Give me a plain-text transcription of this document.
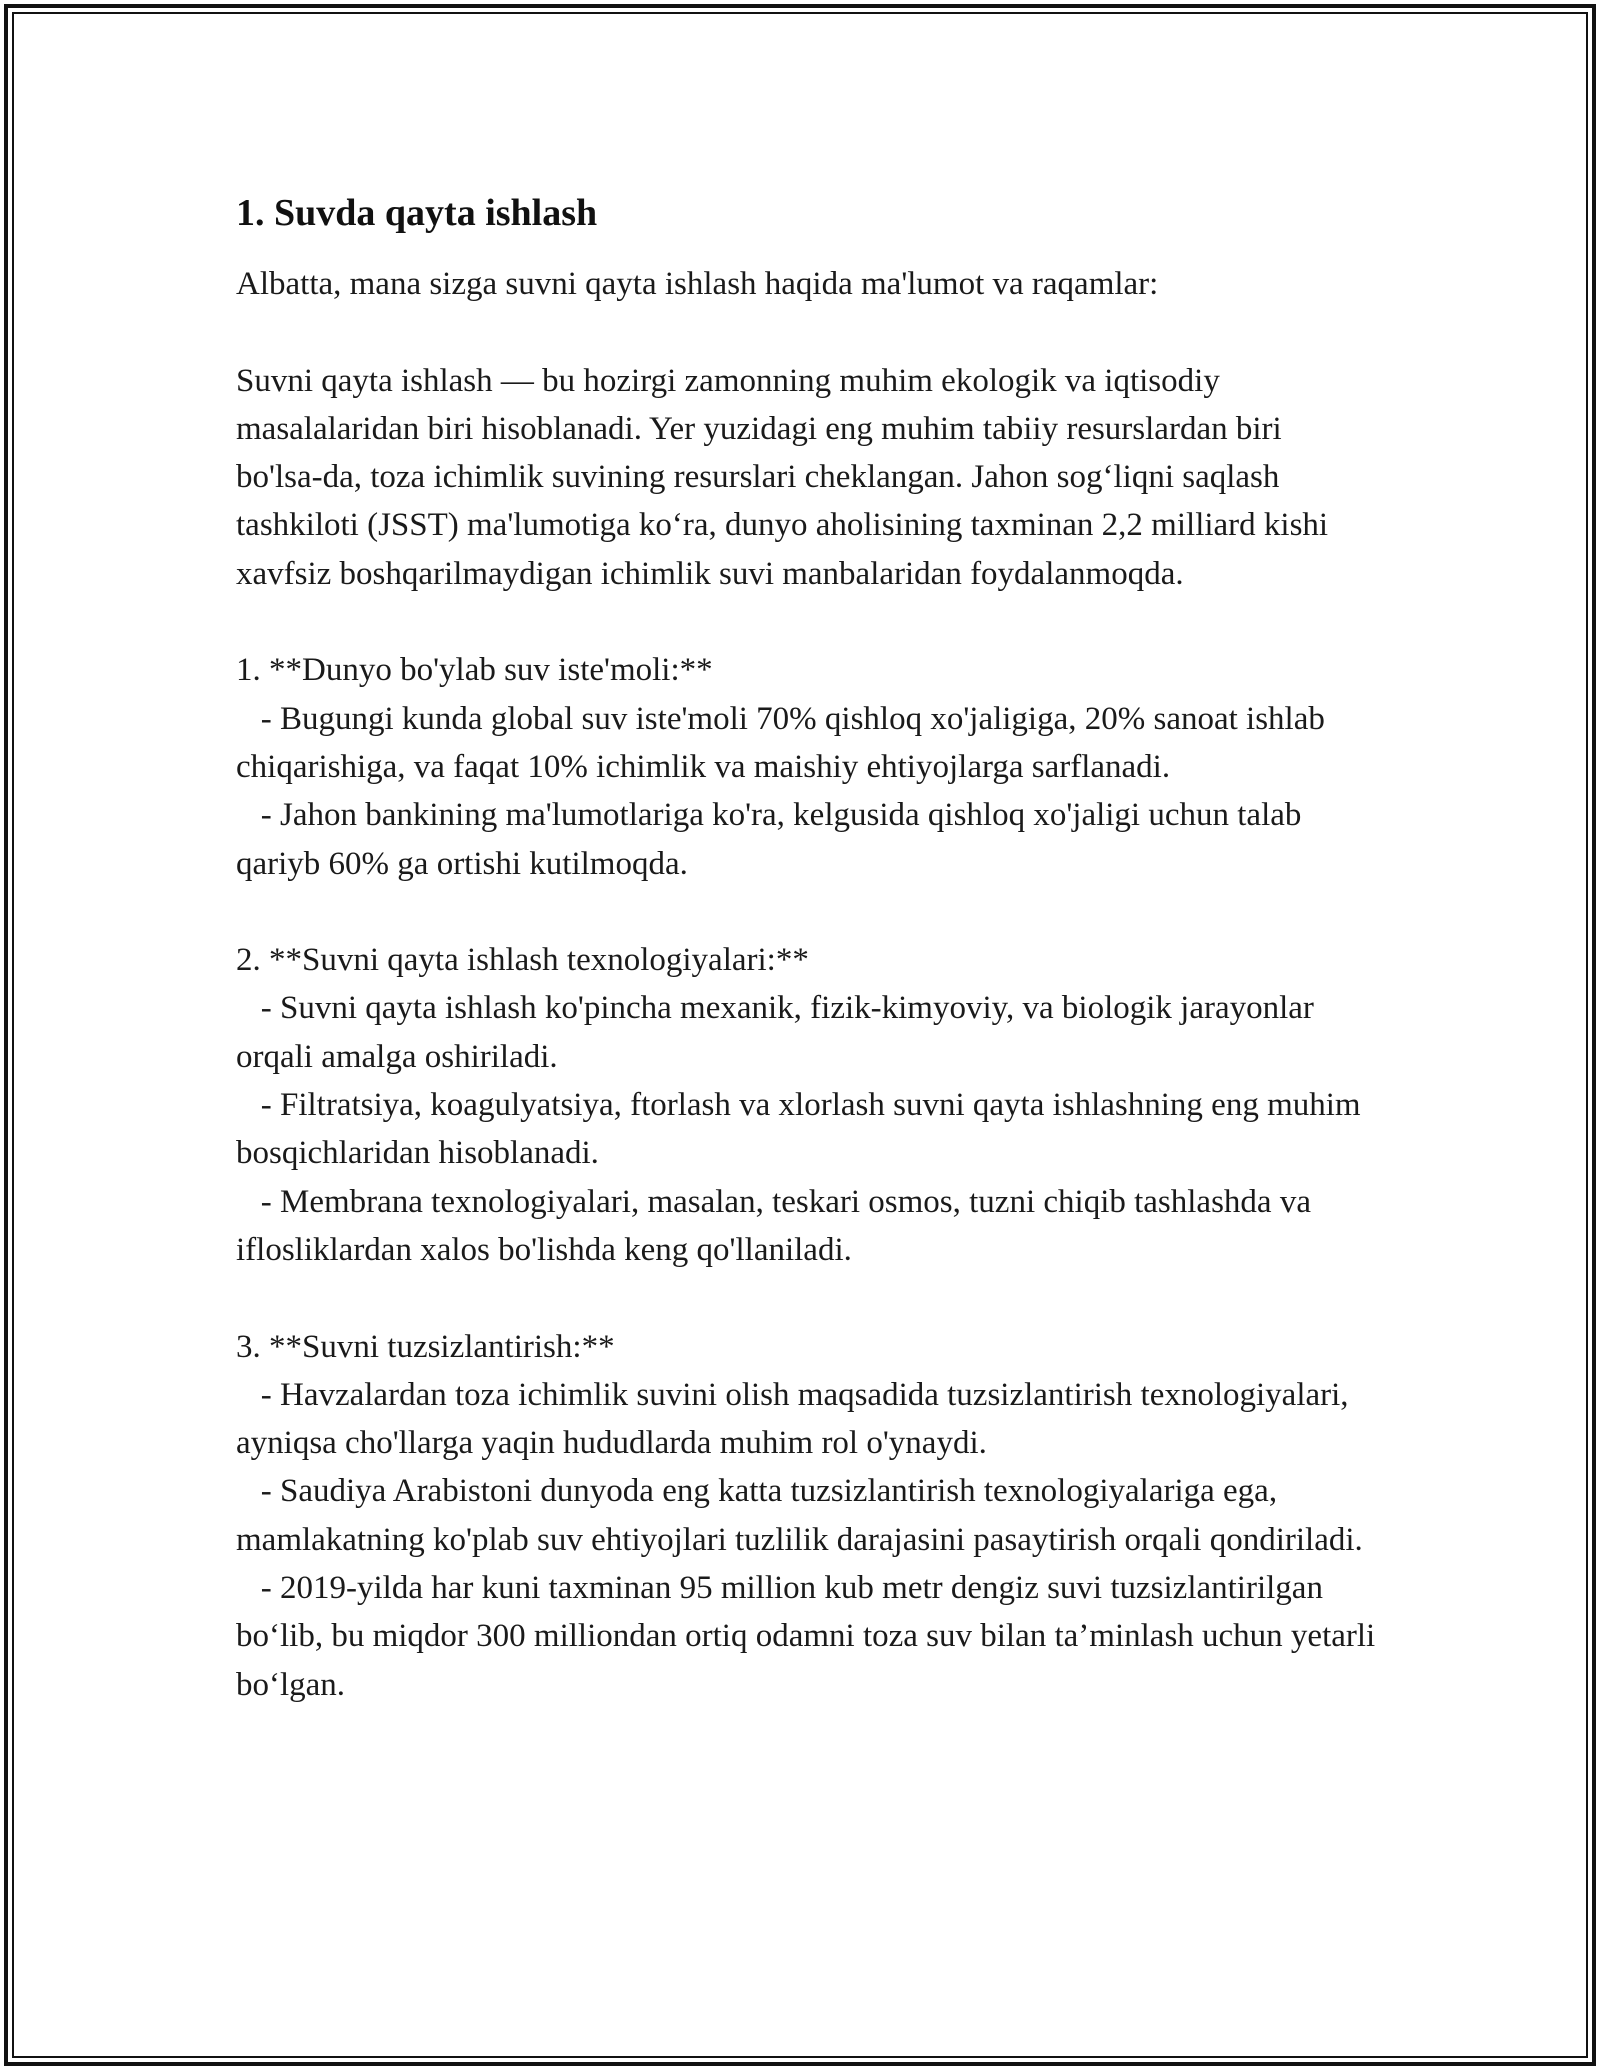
1. Suvda qayta ishlash

Albatta, mana sizga suvni qayta ishlash haqida ma'lumot va raqamlar:

Suvni qayta ishlash — bu hozirgi zamonning muhim ekologik va iqtisodiy masalalaridan biri hisoblanadi. Yer yuzidagi eng muhim tabiiy resurslardan biri bo'lsa-da, toza ichimlik suvining resurslari cheklangan. Jahon sog‘liqni saqlash tashkiloti (JSST) ma'lumotiga ko‘ra, dunyo aholisining taxminan 2,2 milliard kishi xavfsiz boshqarilmaydigan ichimlik suvi manbalaridan foydalanmoqda.

1. **Dunyo bo'ylab suv iste'moli:**

- Bugungi kunda global suv iste'moli 70% qishloq xo'jaligiga, 20% sanoat ishlab chiqarishiga, va faqat 10% ichimlik va maishiy ehtiyojlarga sarflanadi.

- Jahon bankining ma'lumotlariga ko'ra, kelgusida qishloq xo'jaligi uchun talab qariyb 60% ga ortishi kutilmoqda.

2. **Suvni qayta ishlash texnologiyalari:**

- Suvni qayta ishlash ko'pincha mexanik, fizik-kimyoviy, va biologik jarayonlar orqali amalga oshiriladi.

- Filtratsiya, koagulyatsiya, ftorlash va xlorlash suvni qayta ishlashning eng muhim bosqichlaridan hisoblanadi.

- Membrana texnologiyalari, masalan, teskari osmos, tuzni chiqib tashlashda va iflosliklardan xalos bo'lishda keng qo'llaniladi.

3. **Suvni tuzsizlantirish:**

- Havzalardan toza ichimlik suvini olish maqsadida tuzsizlantirish texnologiyalari, ayniqsa cho'llarga yaqin hududlarda muhim rol o'ynaydi.

- Saudiya Arabistoni dunyoda eng katta tuzsizlantirish texnologiyalariga ega, mamlakatning ko'plab suv ehtiyojlari tuzlilik darajasini pasaytirish orqali qondiriladi.

- 2019-yilda har kuni taxminan 95 million kub metr dengiz suvi tuzsizlantirilgan bo‘lib, bu miqdor 300 milliondan ortiq odamni toza suv bilan ta’minlash uchun yetarli bo‘lgan.
